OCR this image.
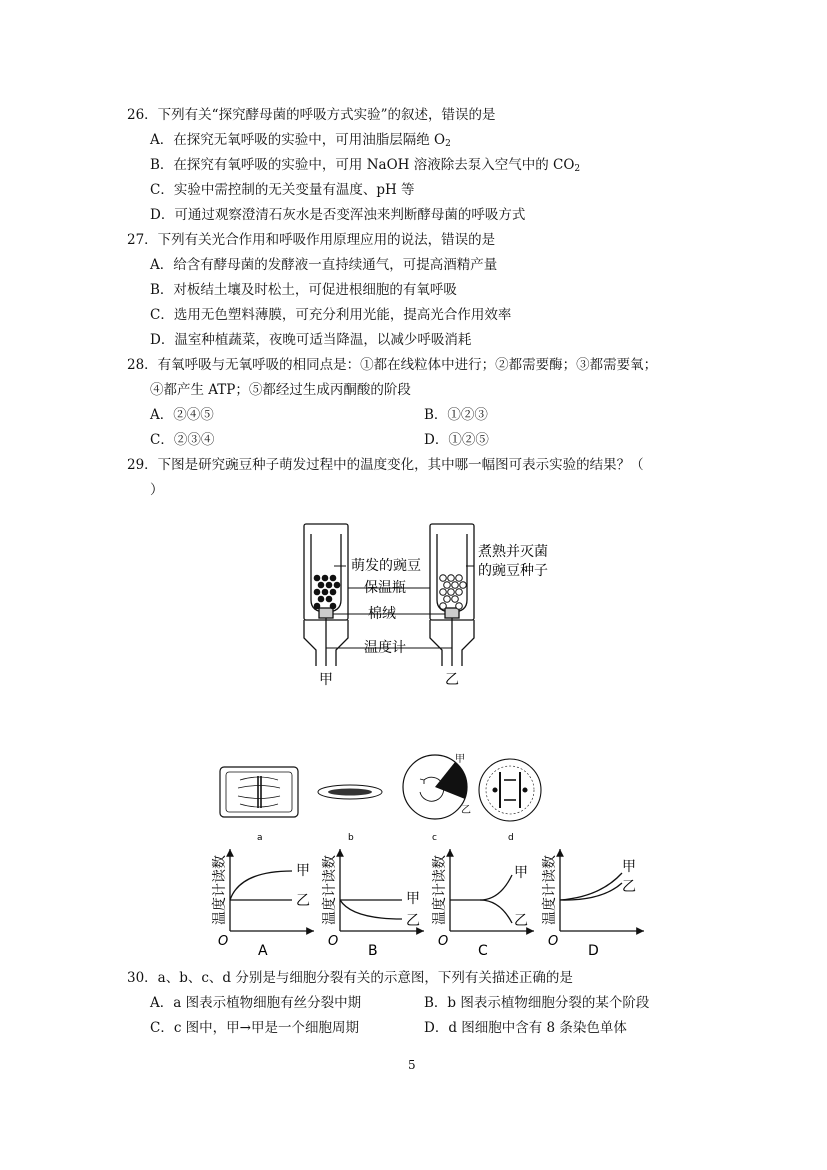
26．下列有关“探究酵母菌的呼吸方式实验”的叙述，错误的是
A．在探究无氧呼吸的实验中，可用油脂层隔绝 $O_2$
B．在探究有氧呼吸的实验中，可用 NaOH 溶液除去泵入空气中的 $CO_2$
C．实验中需控制的无关变量有温度、pH 等
D．可通过观察澄清石灰水是否变浑浊来判断酵母菌的呼吸方式
27．下列有关光合作用和呼吸作用原理应用的说法，错误的是
A．给含有酵母菌的发酵液一直持续通气，可提高酒精产量
B．对板结土壤及时松土，可促进根细胞的有氧呼吸
C．选用无色塑料薄膜，可充分利用光能，提高光合作用效率
D．温室种植蔬菜，夜晚可适当降温，以减少呼吸消耗
28．有氧呼吸与无氧呼吸的相同点是：①都在线粒体中进行；②都需要酶；③都需要氧；
④都产生 ATP；⑤都经过生成丙酮酸的阶段
A．②④⑤	B．①②③
C．②③④	D．①②⑤
29．下图是研究豌豆种子萌发过程中的温度变化，其中哪一幅图可表示实验的结果？（
）
萌发的豌豆
保温瓶
棉绒
温度计
煮熟并灭菌
的豌豆种子
甲	乙
甲
乙
a	b	c	d
温度计读数	温度计读数	温度计读数	温度计读数
O	O	O	O
A	B	C	D
甲
乙	甲
乙
甲
乙
甲
乙
30．a、b、c、d 分别是与细胞分裂有关的示意图，下列有关描述正确的是
A．a 图表示植物细胞有丝分裂中期	B．b 图表示植物细胞分裂的某个阶段
C．c 图中，甲→甲是一个细胞周期	D．d 图细胞中含有 8 条染色单体
5
